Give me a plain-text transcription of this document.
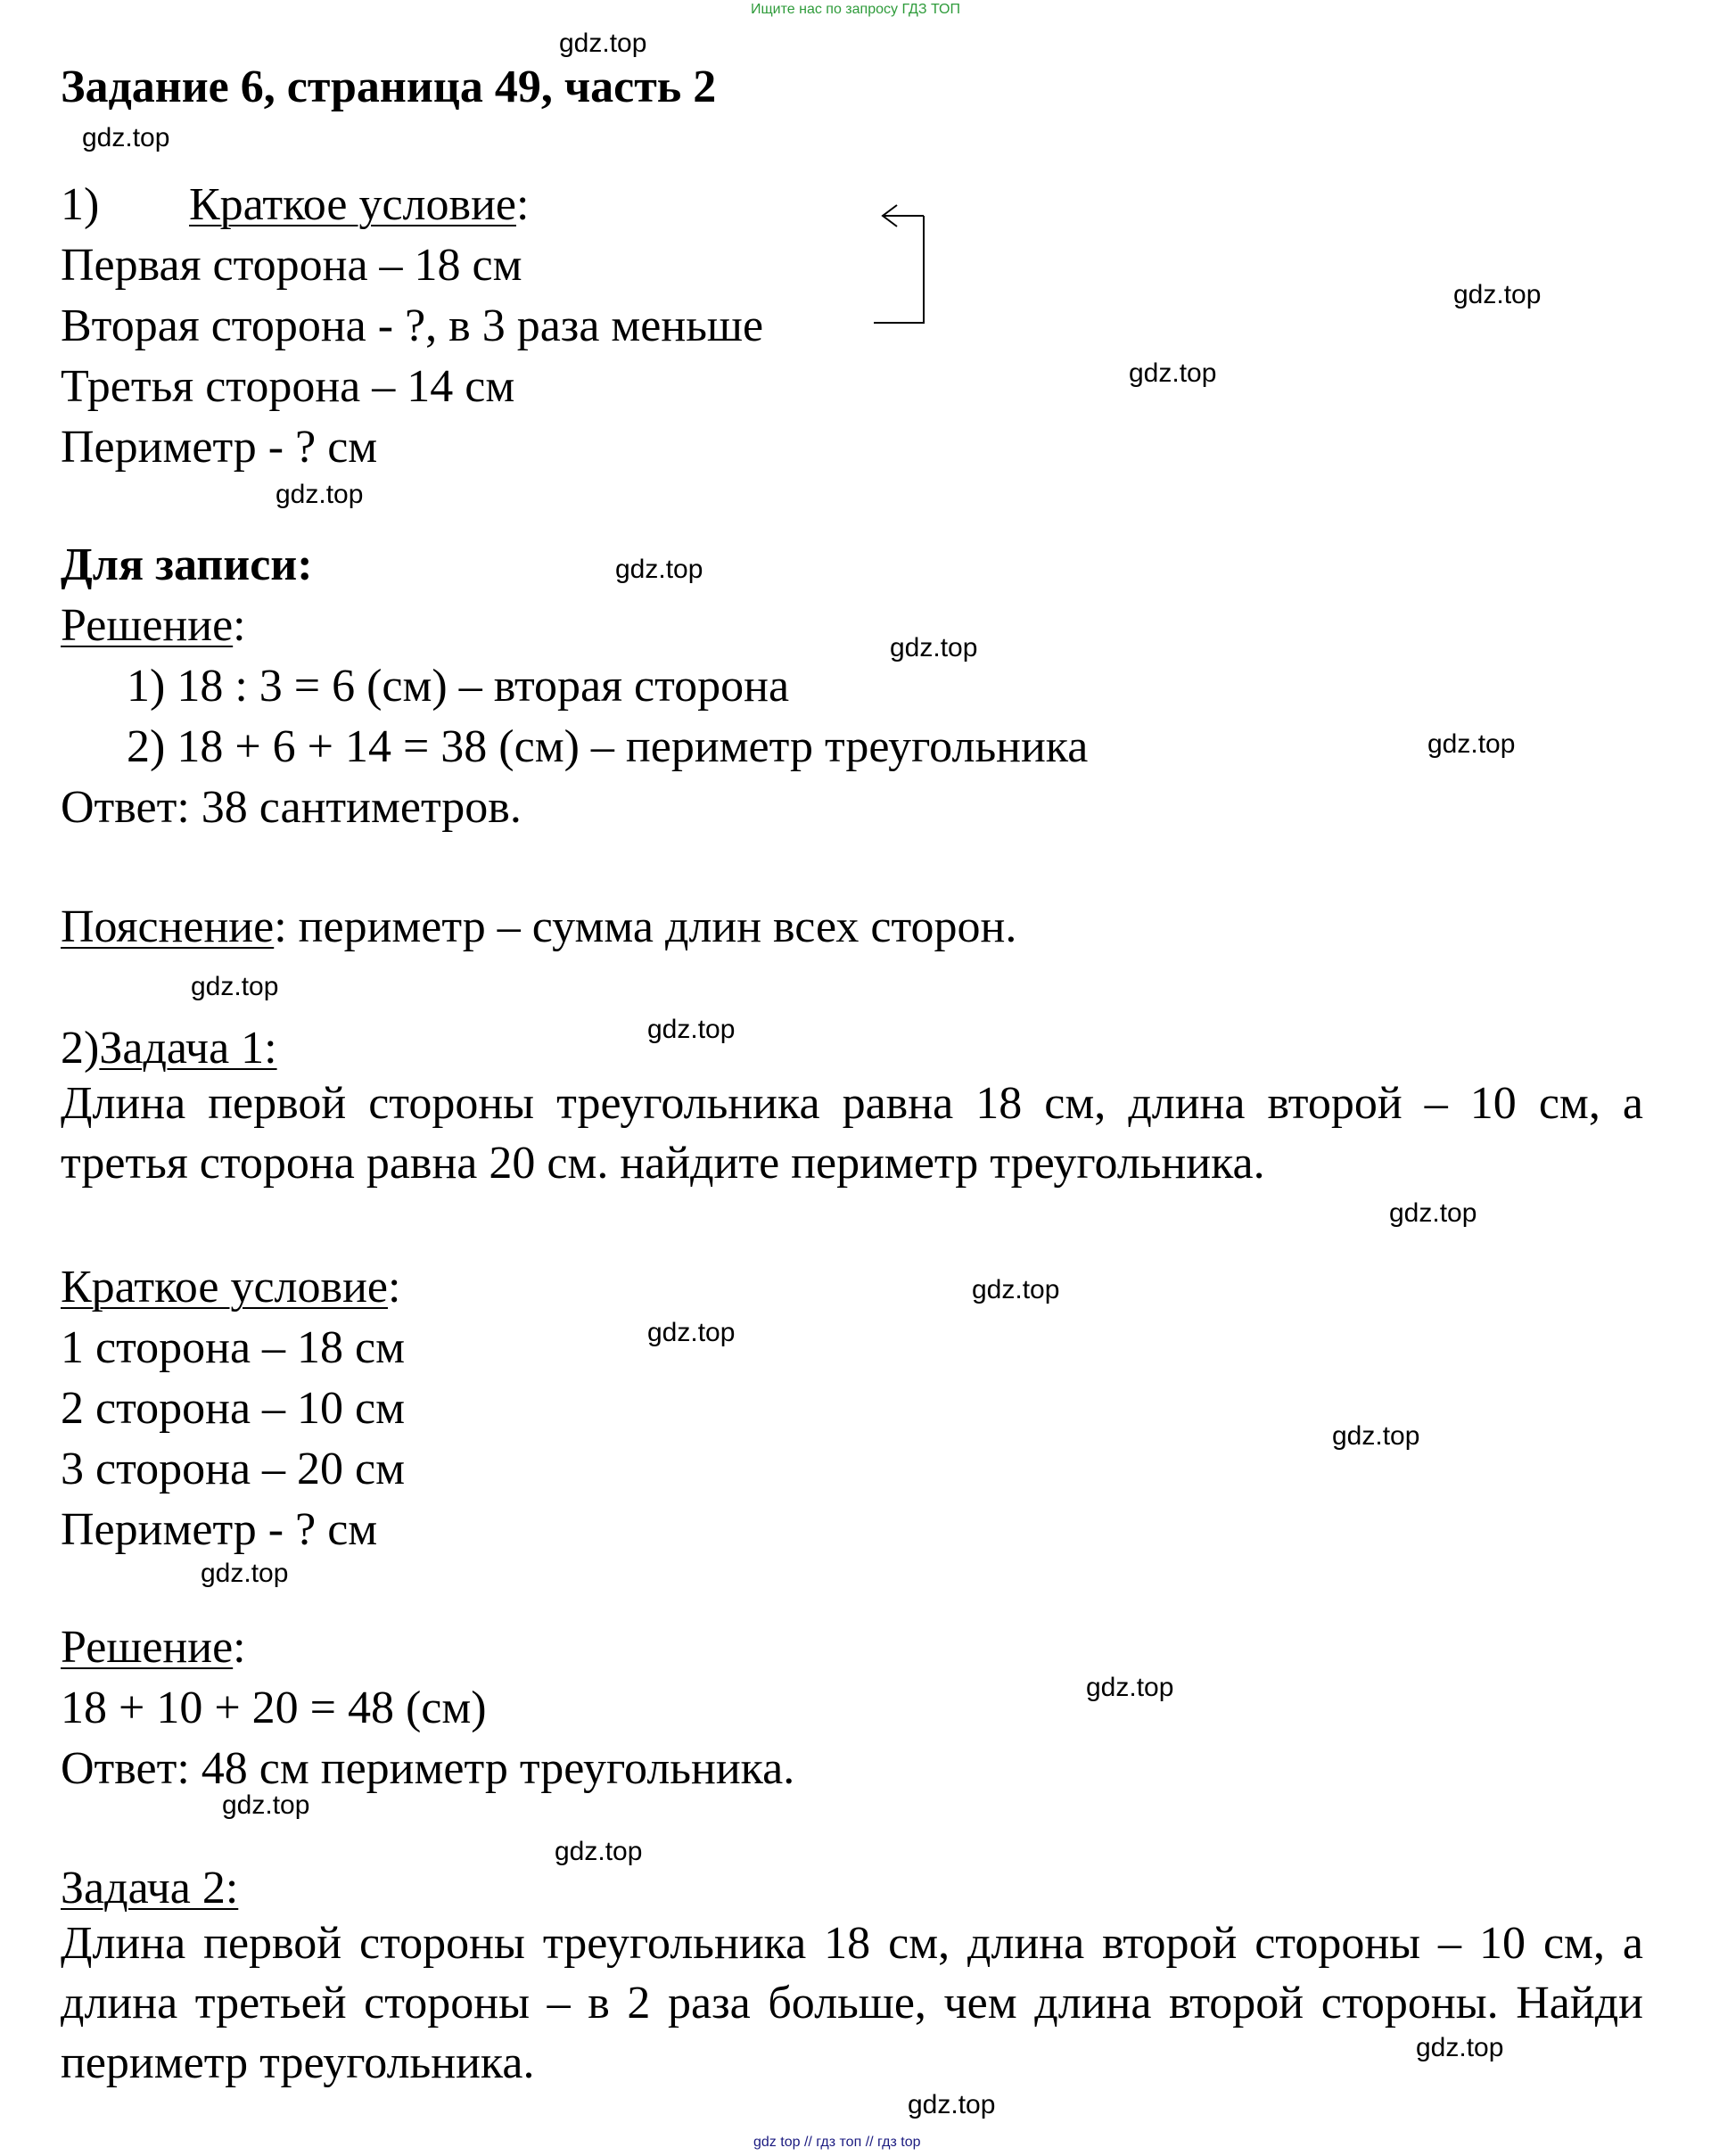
Ищите нас по запросу ГДЗ ТОП
Задание 6, страница 49, часть 2
1) Краткое условие:
Первая сторона – 18 см
Вторая сторона - ?, в 3 раза меньше
Третья сторона – 14 см
Периметр - ? см
Для записи:
Решение:
1) 18 : 3 = 6 (см) – вторая сторона
2) 18 + 6 + 14 = 38 (см) – периметр треугольника
Ответ: 38 сантиметров.
Пояснение: периметр – сумма длин всех сторон.
2)Задача 1:
Длина первой стороны треугольника равна 18 см, длина второй – 10 см, а третья сторона равна 20 см. найдите периметр треугольника.
Краткое условие:
1 сторона – 18 см
2 сторона – 10 см
3 сторона – 20 см
Периметр - ? см
Решение:
18 + 10 + 20 = 48 (см)
Ответ: 48 см периметр треугольника.
Задача 2:
Длина первой стороны треугольника 18 см, длина второй стороны – 10 см, а длина третьей стороны – в 2 раза больше, чем длина второй стороны. Найди периметр треугольника.
gdz.top
gdz.top
gdz.top
gdz.top
gdz.top
gdz.top
gdz.top
gdz.top
gdz.top
gdz.top
gdz.top
gdz.top
gdz.top
gdz.top
gdz.top
gdz.top
gdz.top
gdz.top
gdz.top
gdz.top
gdz top // гдз топ // гдз top
